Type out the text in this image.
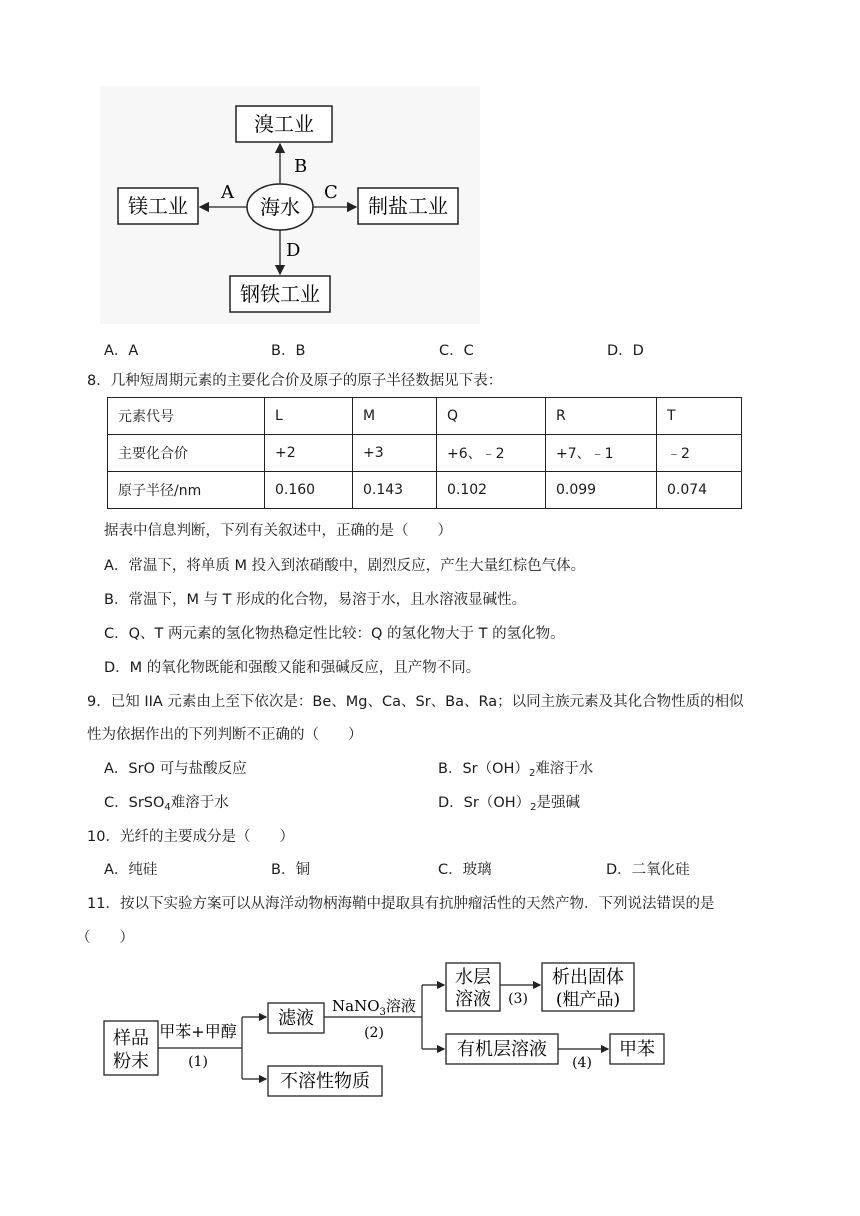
溴工业
镁工业	制盐工业
钢铁工业
海水
B
A	C
D
A．A	B．B	C．C	D．D
8．几种短周期元素的主要化合价及原子的原子半径数据见下表：
元素代号	L	M	Q	R	T
主要化合价	+2	+3	+6、﹣2	+7、﹣1	﹣2
原子半径/nm	0.160	0.143	0.102	0.099	0.074
据表中信息判断，下列有关叙述中，正确的是（　　）
A．常温下，将单质 M 投入到浓硝酸中，剧烈反应，产生大量红棕色气体。
B．常温下，M 与 T 形成的化合物，易溶于水，且水溶液显碱性。
C．Q、T 两元素的氢化物热稳定性比较：Q 的氢化物大于 T 的氢化物。
D．M 的氧化物既能和强酸又能和强碱反应，且产物不同。
9．已知 IIA 元素由上至下依次是：Be、Mg、Ca、Sr、Ba、Ra；以同主族元素及其化合物性质的相似
性为依据作出的下列判断不正确的（　　）
A．SrO 可与盐酸反应	B．$Sr(OH)_2$难溶于水
C．SrSO$_4$难溶于水	D．$Sr(OH)_2$是强碱
10．光纤的主要成分是（　　）
A．纯硅	B．铜	C．玻璃	D．二氧化硅
11．按以下实验方案可以从海洋动物柄海鞘中提取具有抗肿瘤活性的天然产物．下列说法错误的是
（　　）
样品
粉末
甲苯+甲醇
(1)
滤液
不溶性物质
NaNO$_3$溶液
(2)
水层
溶液 (3)
析出固体
(粗产品)
有机层溶液
(4)
甲苯
